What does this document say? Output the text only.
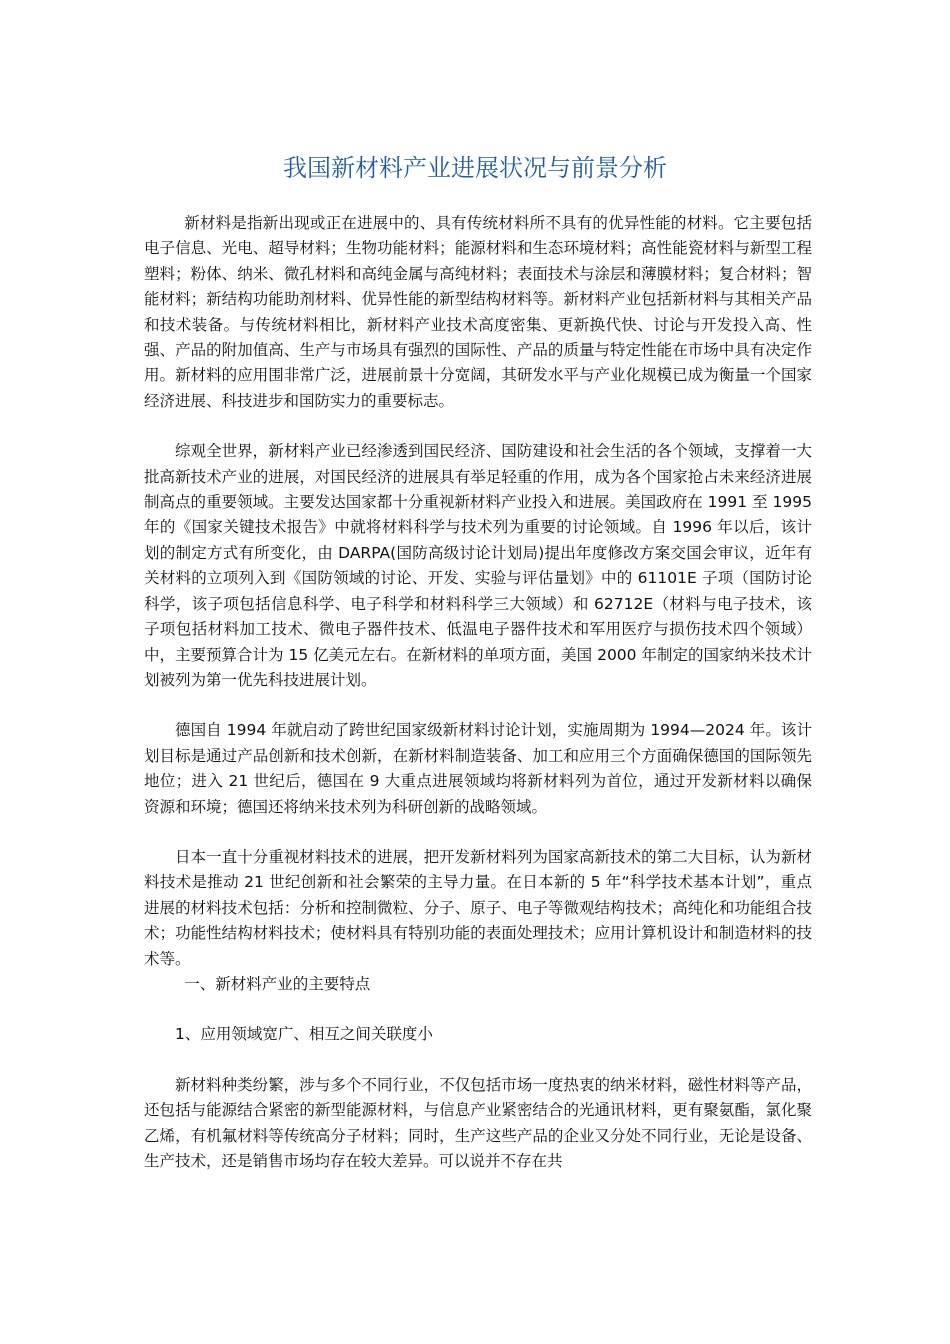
我国新材料产业进展状况与前景分析

新材料是指新出现或正在进展中的、具有传统材料所不具有的优异性能的材料。它主要包括电子信息、光电、超导材料；生物功能材料；能源材料和生态环境材料；高性能瓷材料与新型工程塑料；粉体、纳米、微孔材料和高纯金属与高纯材料；表面技术与涂层和薄膜材料；复合材料；智能材料；新结构功能助剂材料、优异性能的新型结构材料等。新材料产业包括新材料与其相关产品和技术装备。与传统材料相比，新材料产业技术高度密集、更新换代快、讨论与开发投入高、性强、产品的附加值高、生产与市场具有强烈的国际性、产品的质量与特定性能在市场中具有决定作用。新材料的应用围非常广泛，进展前景十分宽阔，其研发水平与产业化规模已成为衡量一个国家经济进展、科技进步和国防实力的重要标志。

综观全世界，新材料产业已经渗透到国民经济、国防建设和社会生活的各个领域，支撑着一大批高新技术产业的进展，对国民经济的进展具有举足轻重的作用，成为各个国家抢占未来经济进展制高点的重要领域。主要发达国家都十分重视新材料产业投入和进展。美国政府在 1991 至 1995 年的《国家关键技术报告》中就将材料科学与技术列为重要的讨论领域。自 1996 年以后，该计划的制定方式有所变化，由 DARPA(国防高级讨论计划局)提出年度修改方案交国会审议，近年有关材料的立项列入到《国防领域的讨论、开发、实验与评估量划》中的 61101E 子项（国防讨论科学，该子项包括信息科学、电子科学和材料科学三大领域）和 62712E（材料与电子技术，该子项包括材料加工技术、微电子器件技术、低温电子器件技术和军用医疗与损伤技术四个领域）中，主要预算合计为 15 亿美元左右。在新材料的单项方面，美国 2000 年制定的国家纳米技术计划被列为第一优先科技进展计划。

德国自 1994 年就启动了跨世纪国家级新材料讨论计划，实施周期为 1994—2024 年。该计划目标是通过产品创新和技术创新，在新材料制造装备、加工和应用三个方面确保德国的国际领先地位；进入 21 世纪后，德国在 9 大重点进展领域均将新材料列为首位，通过开发新材料以确保资源和环境；德国还将纳米技术列为科研创新的战略领域。

日本一直十分重视材料技术的进展，把开发新材料列为国家高新技术的第二大目标，认为新材料技术是推动 21 世纪创新和社会繁荣的主导力量。在日本新的 5 年“科学技术基本计划”，重点进展的材料技术包括：分析和控制微粒、分子、原子、电子等微观结构技术；高纯化和功能组合技术；功能性结构材料技术；使材料具有特别功能的表面处理技术；应用计算机设计和制造材料的技术等。

一、新材料产业的主要特点

1、应用领域宽广、相互之间关联度小

新材料种类纷繁，涉与多个不同行业，不仅包括市场一度热衷的纳米材料，磁性材料等产品，还包括与能源结合紧密的新型能源材料，与信息产业紧密结合的光通讯材料，更有聚氨酯，氯化聚乙烯，有机氟材料等传统高分子材料；同时，生产这些产品的企业又分处不同行业，无论是设备、生产技术，还是销售市场均存在较大差异。可以说并不存在共
